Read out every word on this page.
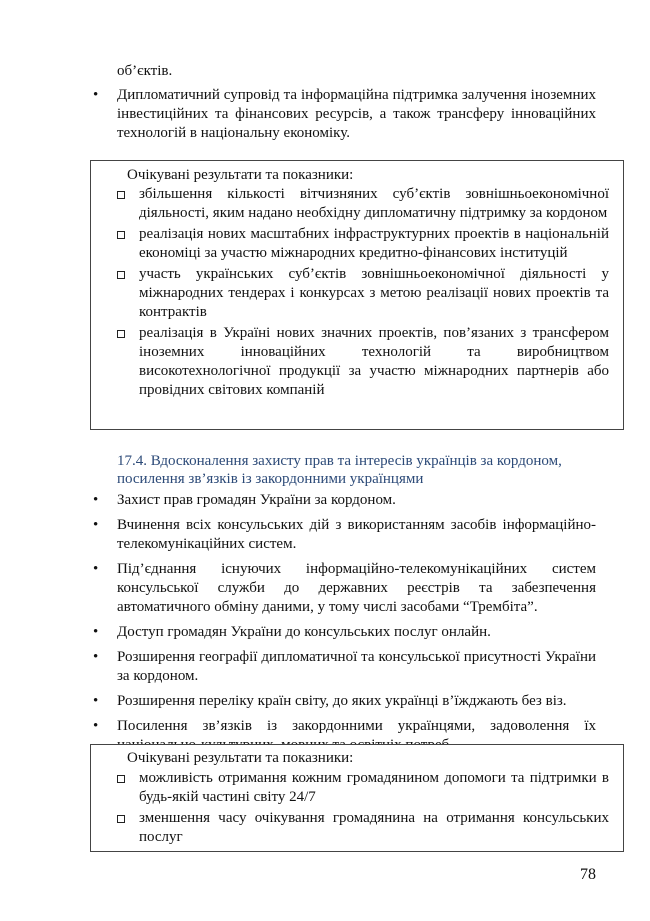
об’єктів.
• Дипломатичний супровід та інформаційна підтримка залучення іноземних інвестиційних та фінансових ресурсів, а також трансферу інноваційних технологій в національну економіку.
Очікувані результати та показники:
збільшення кількості вітчизняних суб’єктів зовнішньоекономічної діяльності, яким надано необхідну дипломатичну підтримку за кордоном
реалізація нових масштабних інфраструктурних проектів в національній економіці за участю міжнародних кредитно-фінансових інституцій
участь українських суб’єктів зовнішньоекономічної діяльності у міжнародних тендерах і конкурсах з метою реалізації нових проектів та контрактів
реалізація в Україні нових значних проектів, пов’язаних з трансфером іноземних інноваційних технологій та виробництвом високотехнологічної продукції за участю міжнародних партнерів або провідних світових компаній
17.4. Вдосконалення захисту прав та інтересів українців за кордоном,
посилення зв’язків із закордонними українцями
• Захист прав громадян України за кордоном.
• Вчинення всіх консульських дій з використанням засобів інформаційно-телекомунікаційних систем.
• Під’єднання існуючих інформаційно-телекомунікаційних систем консульської служби до державних реєстрів та забезпечення автоматичного обміну даними, у тому числі засобами “Трембіта”.
• Доступ громадян України до консульських послуг онлайн.
• Розширення географії дипломатичної та консульської присутності України за кордоном.
• Розширення переліку країн світу, до яких українці в’їжджають без віз.
• Посилення зв’язків із закордонними українцями, задоволення їх
Очікувані результати та показники:
можливість отримання кожним громадянином допомоги та підтримки в будь-якій частині світу 24/7
зменшення часу очікування громадянина на отримання консульських послуг
78
